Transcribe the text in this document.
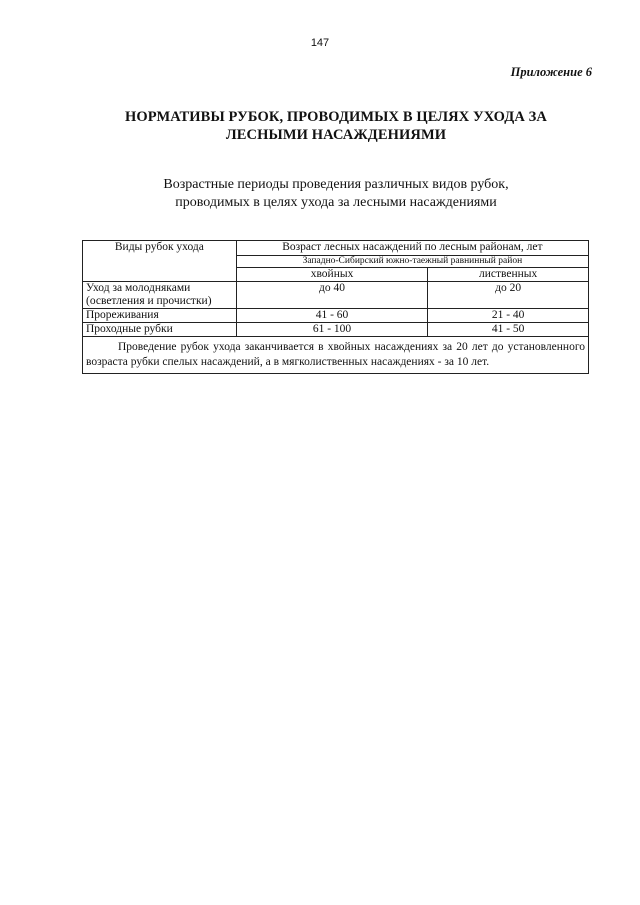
147
Приложение 6
НОРМАТИВЫ РУБОК, ПРОВОДИМЫХ В ЦЕЛЯХ УХОДА ЗА
ЛЕСНЫМИ НАСАЖДЕНИЯМИ
Возрастные периоды проведения различных видов рубок,
проводимых в целях ухода за лесными насаждениями
Виды рубок ухода	Возраст лесных насаждений по лесным районам, лет	
	Западно-Сибирский южно-таежный равнинный район	
	хвойных	лиственных

Уход за молодняками
(осветления и прочистки)	до 40	до 20
Прореживания	41 - 60	21 - 40
Проходные рубки	61 - 100	41 - 50
Проведение рубок ухода заканчивается в хвойных насаждениях за 20 лет до установленного возраста рубки спелых насаждений, а в мягколиственных насаждениях - за 10 лет.		
